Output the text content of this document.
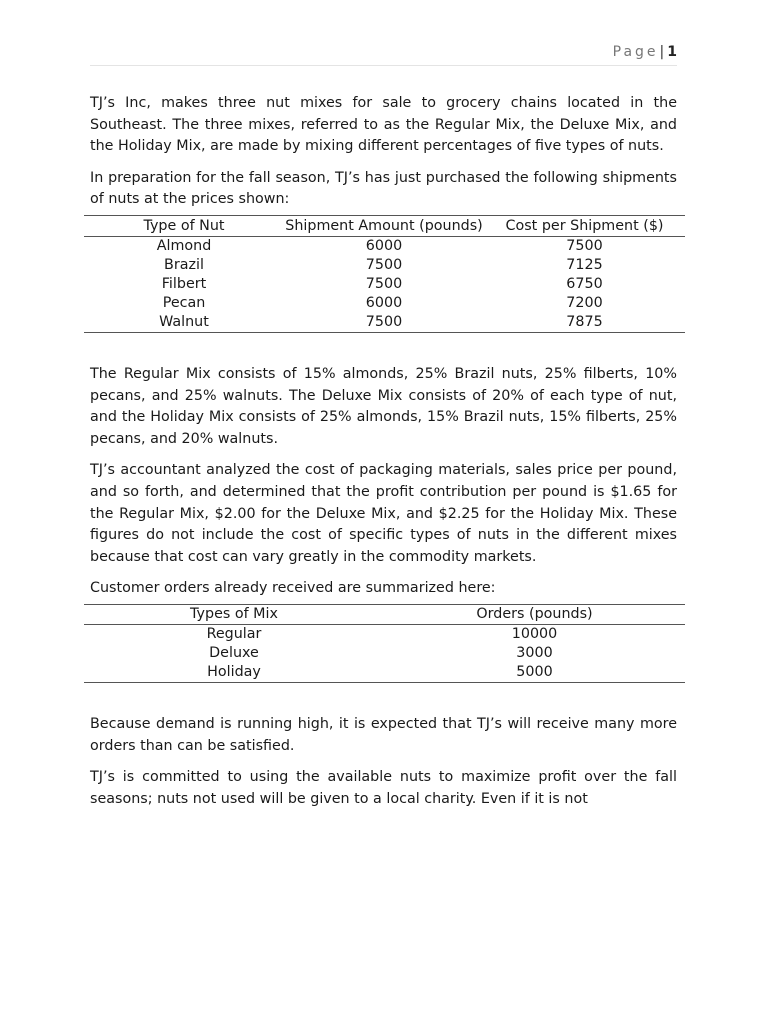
Page| 1

TJ’s Inc, makes three nut mixes for sale to grocery chains located in the Southeast. The three mixes, referred to as the Regular Mix, the Deluxe Mix, and the Holiday Mix, are made by mixing different percentages of five types of nuts.

In preparation for the fall season, TJ’s has just purchased the following shipments of nuts at the prices shown:

Type of Nut	Shipment Amount (pounds)	Cost per Shipment ($)
Almond	6000	7500
Brazil	7500	7125
Filbert	7500	6750
Pecan	6000	7200
Walnut	7500	7875

The Regular Mix consists of 15% almonds, 25% Brazil nuts, 25% filberts, 10% pecans, and 25% walnuts. The Deluxe Mix consists of 20% of each type of nut, and the Holiday Mix consists of 25% almonds, 15% Brazil nuts, 15% filberts, 25% pecans, and 20% walnuts.

TJ’s accountant analyzed the cost of packaging materials, sales price per pound, and so forth, and determined that the profit contribution per pound is $1.65 for the Regular Mix, $2.00 for the Deluxe Mix, and $2.25 for the Holiday Mix. These figures do not include the cost of specific types of nuts in the different mixes because that cost can vary greatly in the commodity markets.

Customer orders already received are summarized here:

Types of Mix	Orders (pounds)
Regular	10000
Deluxe	3000
Holiday	5000

Because demand is running high, it is expected that TJ’s will receive many more orders than can be satisfied.

TJ’s is committed to using the available nuts to maximize profit over the fall seasons; nuts not used will be given to a local charity. Even if it is not
